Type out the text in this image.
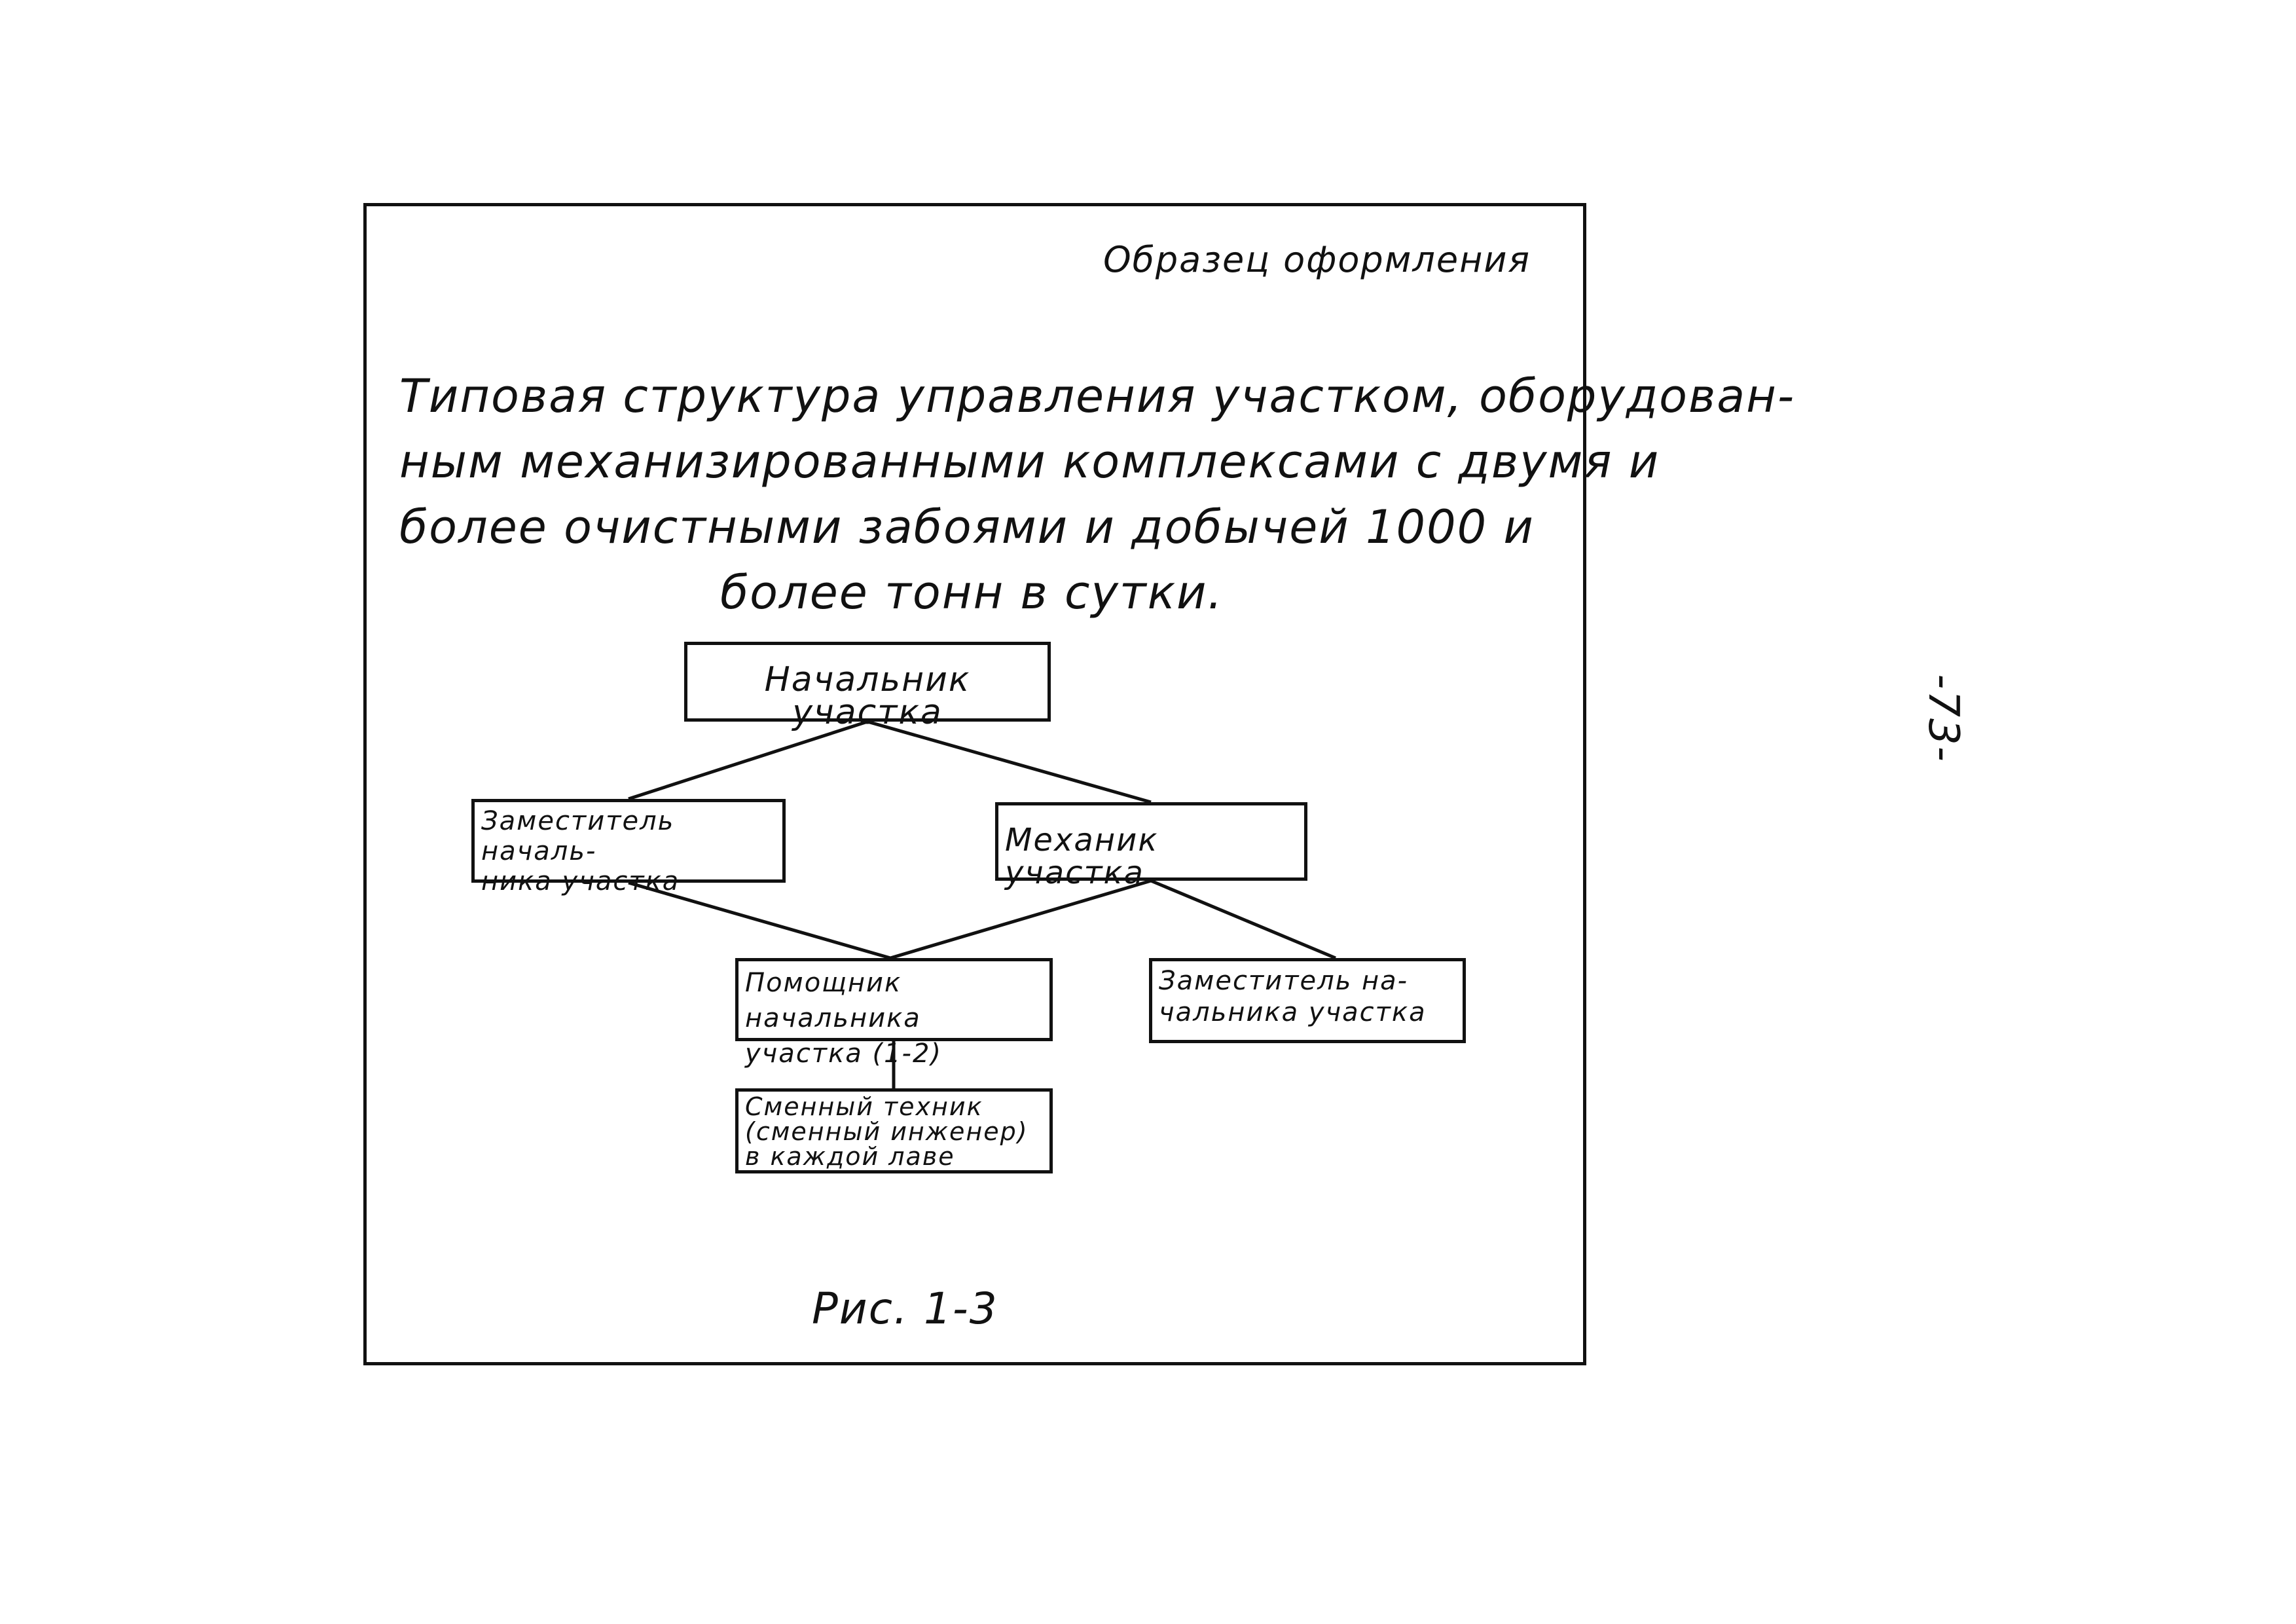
Образец оформления
Типовая структура управления участком, оборудован-
ным механизированными комплексами с двумя и
более очистными забоями и добычей 1000 и
более тонн в сутки.
Начальник участка
Заместитель началь-
ника участка
Механик участка
Помощник начальника
участка (1-2)
Заместитель на-
чальника участка
Сменный техник
(сменный инженер)
в каждой лаве
Рис. 1-3
-73-
